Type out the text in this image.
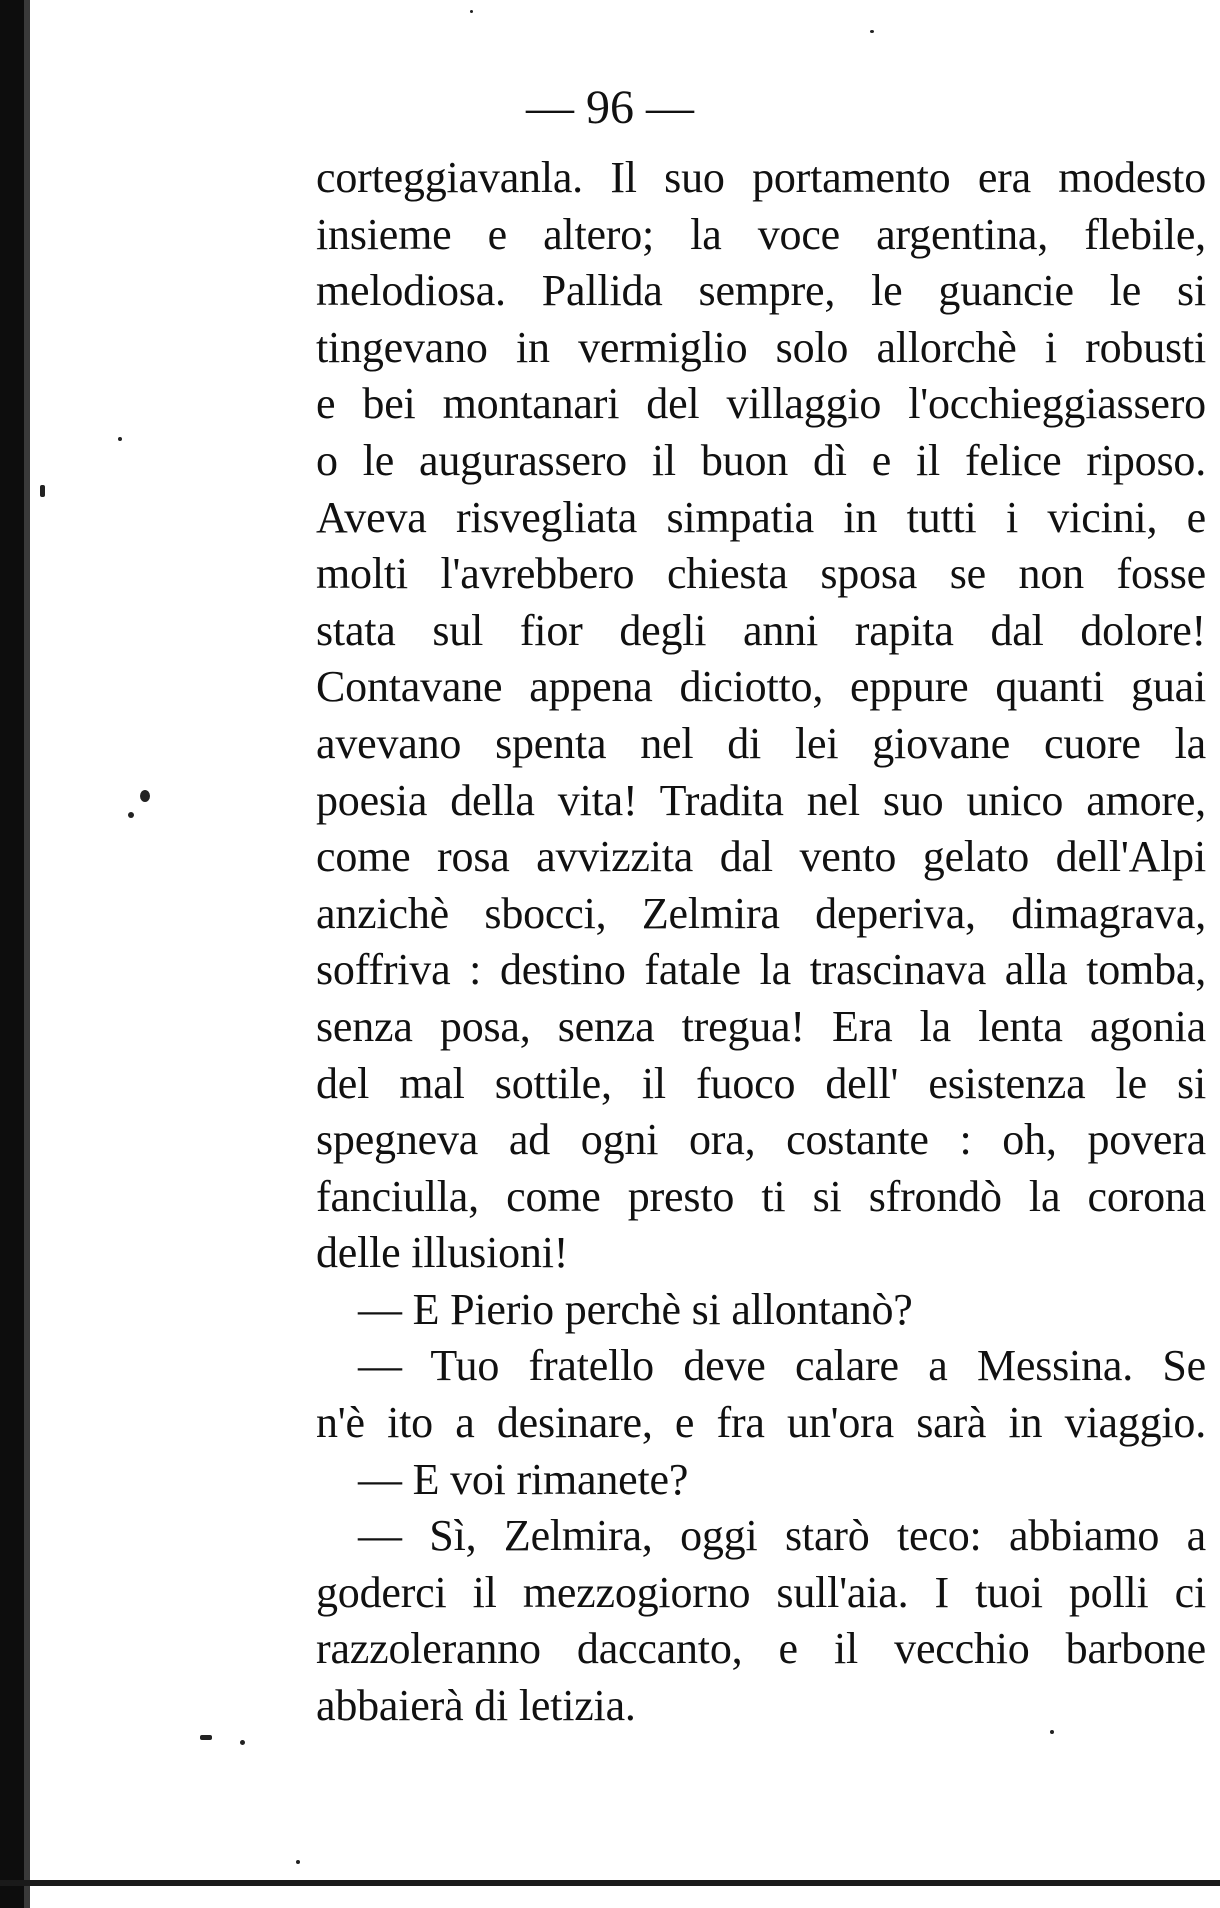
— 96 —
corteggiavanla. Il suo portamento era modesto
insieme e altero; la voce argentina, flebile,
melodiosa. Pallida sempre, le guancie le si
tingevano in vermiglio solo allorchè i robusti
e bei montanari del villaggio l'occhieggiassero
o le augurassero il buon dì e il felice riposo.
Aveva risvegliata simpatia in tutti i vicini, e
molti l'avrebbero chiesta sposa se non fosse
stata sul fior degli anni rapita dal dolore!
Contavane appena diciotto, eppure quanti guai
avevano spenta nel di lei giovane cuore la
poesia della vita! Tradita nel suo unico amore,
come rosa avvizzita dal vento gelato dell'Alpi
anzichè sbocci, Zelmira deperiva, dimagrava,
soffriva : destino fatale la trascinava alla tomba,
senza posa, senza tregua! Era la lenta agonia
del mal sottile, il fuoco dell' esistenza le si
spegneva ad ogni ora, costante : oh, povera
fanciulla, come presto ti si sfrondò la corona
delle illusioni!
— E Pierio perchè si allontanò?
— Tuo fratello deve calare a Messina. Se
n'è ito a desinare, e fra un'ora sarà in viaggio.
— E voi rimanete?
— Sì, Zelmira, oggi starò teco: abbiamo a
goderci il mezzogiorno sull'aia. I tuoi polli ci
razzoleranno daccanto, e il vecchio barbone
abbaierà di letizia.
